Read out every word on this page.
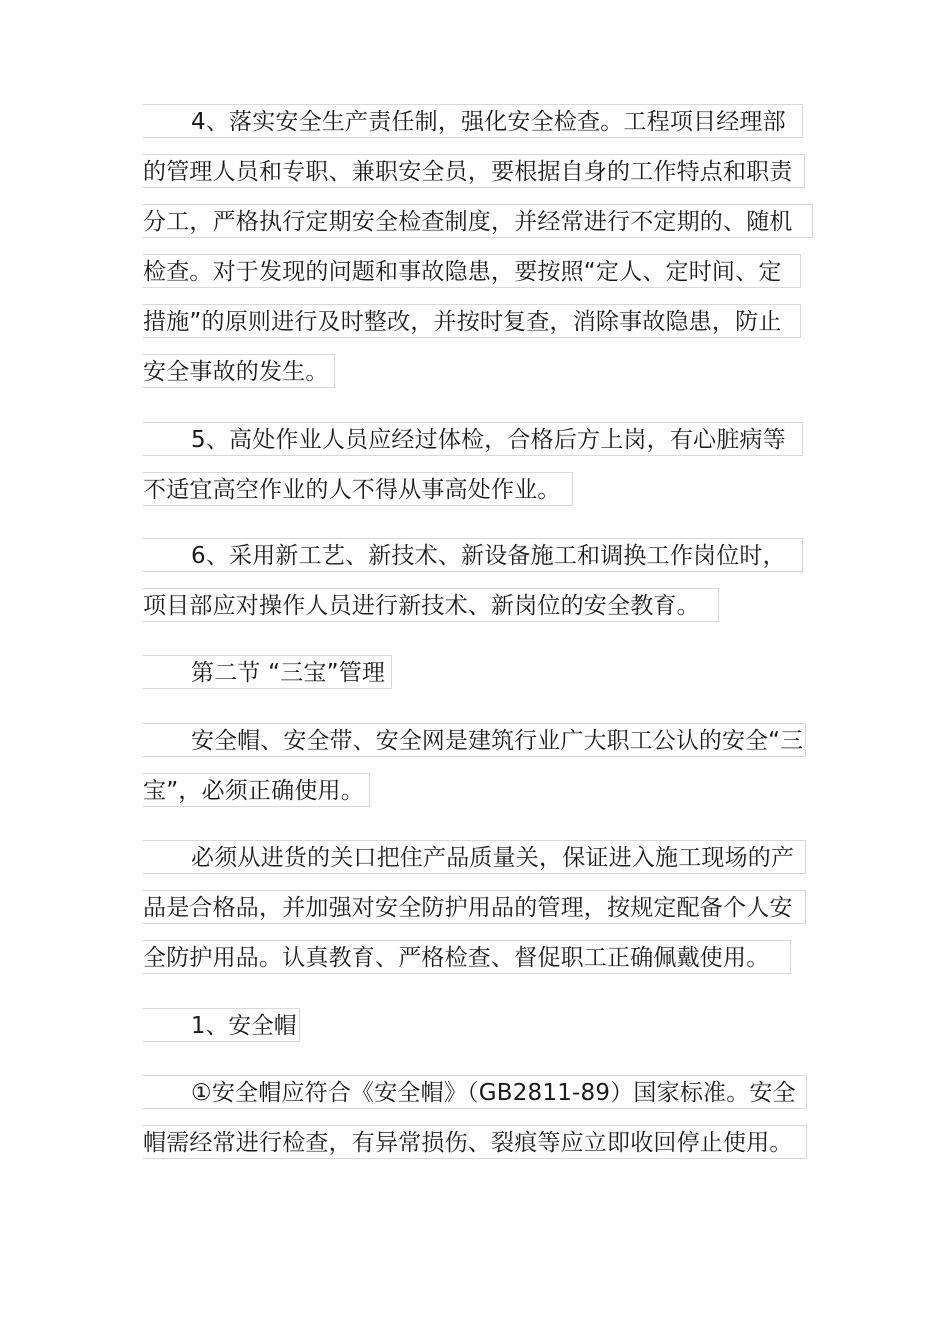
4、落实安全生产责任制，强化安全检查。工程项目经理部
的管理人员和专职、兼职安全员，要根据自身的工作特点和职责
分工，严格执行定期安全检查制度，并经常进行不定期的、随机
检查。对于发现的问题和事故隐患，要按照“定人、定时间、定
措施”的原则进行及时整改，并按时复查，消除事故隐患，防止
安全事故的发生。
5、高处作业人员应经过体检，合格后方上岗，有心脏病等
不适宜高空作业的人不得从事高处作业。
6、采用新工艺、新技术、新设备施工和调换工作岗位时，
项目部应对操作人员进行新技术、新岗位的安全教育。
第二节 “三宝”管理
安全帽、安全带、安全网是建筑行业广大职工公认的安全“三
宝”，必须正确使用。
必须从进货的关口把住产品质量关，保证进入施工现场的产
品是合格品，并加强对安全防护用品的管理，按规定配备个人安
全防护用品。认真教育、严格检查、督促职工正确佩戴使用。
1、安全帽
①安全帽应符合《安全帽》（GB2811-89）国家标准。安全
帽需经常进行检查，有异常损伤、裂痕等应立即收回停止使用。
